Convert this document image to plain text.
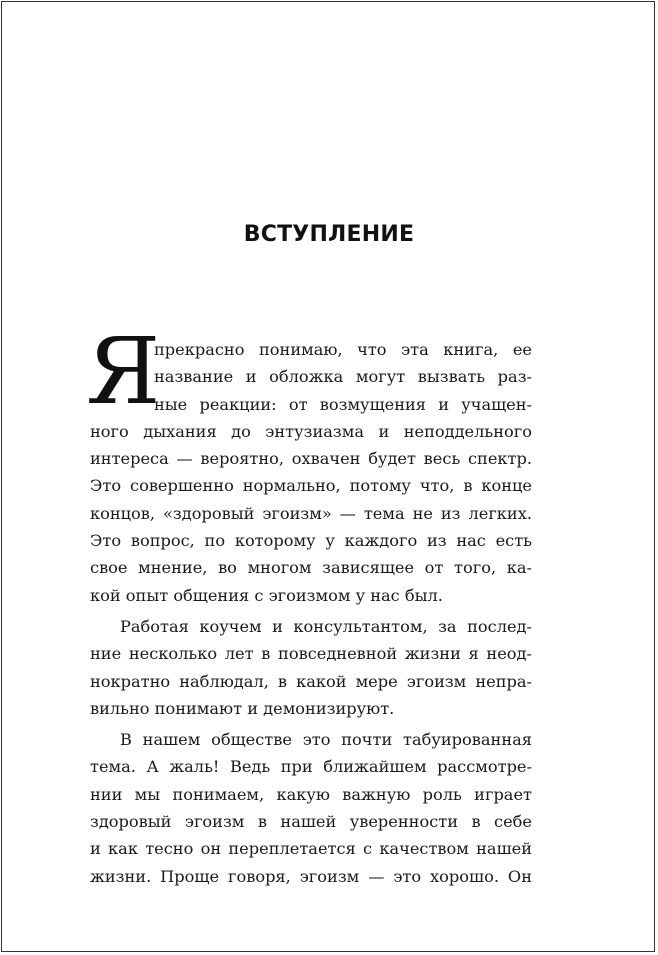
ВСТУПЛЕНИЕ
Я
прекрасно понимаю, что эта книга, ее
название и обложка могут вызвать раз-
ные реакции: от возмущения и учащен-
ного дыхания до энтузиазма и неподдельного
интереса — вероятно, охвачен будет весь спектр.
Это совершенно нормально, потому что, в конце
концов, «здоровый эгоизм» — тема не из легких.
Это вопрос, по которому у каждого из нас есть
свое мнение, во многом зависящее от того, ка-
кой опыт общения с эгоизмом у нас был.
Работая коучем и консультантом, за послед-
ние несколько лет в повседневной жизни я неод-
нократно наблюдал, в какой мере эгоизм непра-
вильно понимают и демонизируют.
В нашем обществе это почти табуированная
тема. А жаль! Ведь при ближайшем рассмотре-
нии мы понимаем, какую важную роль играет
здоровый эгоизм в нашей уверенности в себе
и как тесно он переплетается с качеством нашей
жизни. Проще говоря, эгоизм — это хорошо. Он
